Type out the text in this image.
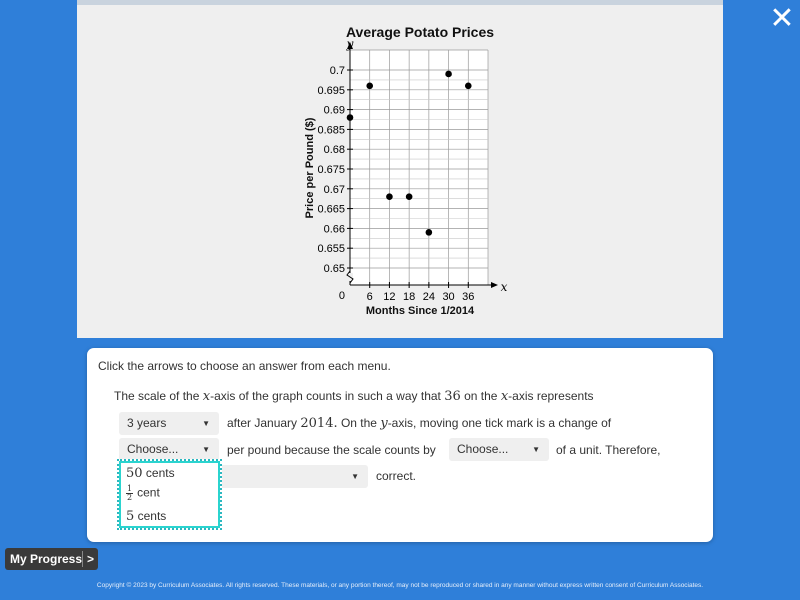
6 12 18 24 30 36
0.65
0.655
0.66
0.665
0.67
0.675
0.68
0.685
0.69
0.695
0.7
0
x
y
Average Potato Prices
Months Since 1/2014
Price per Pound ($)
✕
Click the arrows to choose an answer from each menu.
The scale of the x-axis of the graph counts in such a way that 36 on the x-axis represents
3 years	▼ after January 2014. On the y-axis, moving one tick mark is a change of
Choose...	▼ per pound because the scale counts by	Choose...	▼ of a unit. Therefore,
▼ correct.
50 cents
$\frac{1}{2}$ cent
5 cents
My Progress >
Copyright © 2023 by Curriculum Associates. All rights reserved. These materials, or any portion thereof, may not be reproduced or shared in any manner without express written consent of Curriculum Associates.
